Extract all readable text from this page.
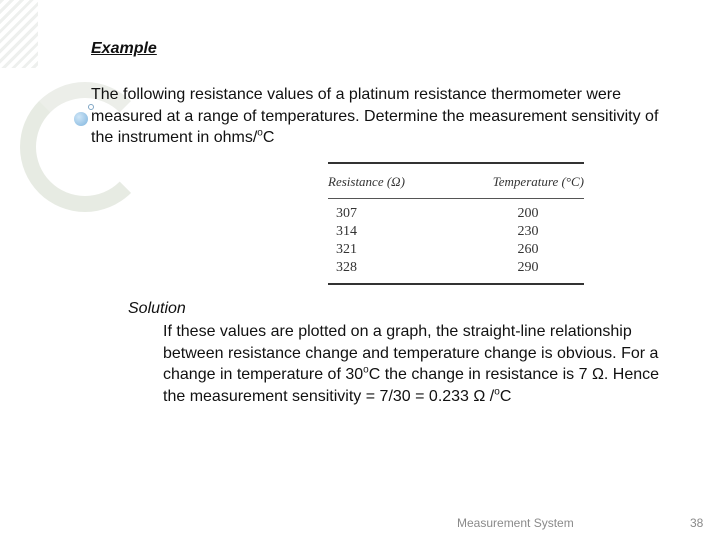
Example

The following resistance values of a platinum resistance thermometer were measured at a range of temperatures. Determine the measurement sensitivity of the instrument in ohms/$^o$C

Resistance (Ω)	Temperature (°C)
307	200
314	230
321	260
328	290

Solution

If these values are plotted on a graph, the straight-line relationship between resistance change and temperature change is obvious. For a change in temperature of 30$^o$C the change in resistance is 7 Ω. Hence the measurement sensitivity = 7/30 = 0.233 Ω /$^o$C

Measurement System	38
